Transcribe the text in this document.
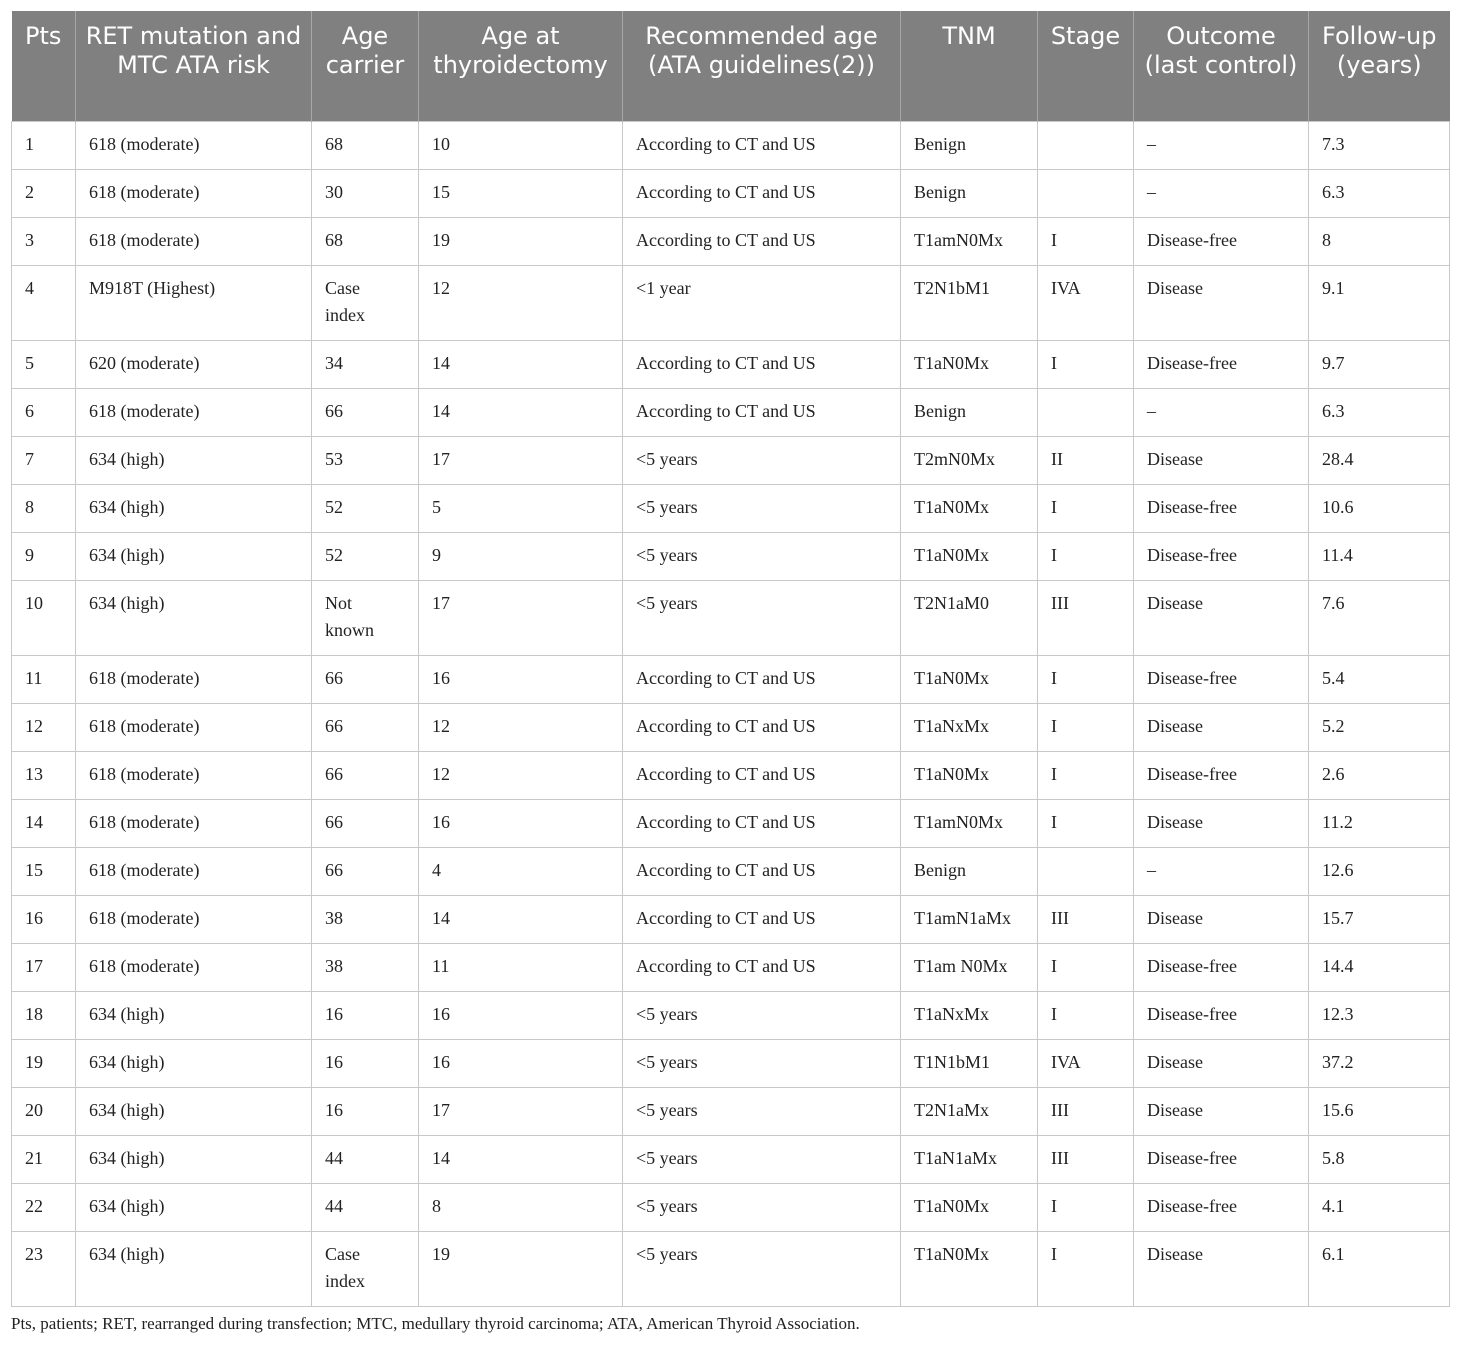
Pts	RET mutation and MTC ATA risk	Age carrier	Age at thyroidectomy	Recommended age (ATA guidelines(2))	TNM	Stage	Outcome (last control)	Follow-up (years)
1	618 (moderate)	68	10	According to CT and US	Benign		–	7.3
2	618 (moderate)	30	15	According to CT and US	Benign		–	6.3
3	618 (moderate)	68	19	According to CT and US	T1amN0Mx	I	Disease-free	8
4	M918T (Highest)	Case index	12	<1 year	T2N1bM1	IVA	Disease	9.1
5	620 (moderate)	34	14	According to CT and US	T1aN0Mx	I	Disease-free	9.7
6	618 (moderate)	66	14	According to CT and US	Benign		–	6.3
7	634 (high)	53	17	<5 years	T2mN0Mx	II	Disease	28.4
8	634 (high)	52	5	<5 years	T1aN0Mx	I	Disease-free	10.6
9	634 (high)	52	9	<5 years	T1aN0Mx	I	Disease-free	11.4
10	634 (high)	Not known	17	<5 years	T2N1aM0	III	Disease	7.6
11	618 (moderate)	66	16	According to CT and US	T1aN0Mx	I	Disease-free	5.4
12	618 (moderate)	66	12	According to CT and US	T1aNxMx	I	Disease	5.2
13	618 (moderate)	66	12	According to CT and US	T1aN0Mx	I	Disease-free	2.6
14	618 (moderate)	66	16	According to CT and US	T1amN0Mx	I	Disease	11.2
15	618 (moderate)	66	4	According to CT and US	Benign		–	12.6
16	618 (moderate)	38	14	According to CT and US	T1amN1aMx	III	Disease	15.7
17	618 (moderate)	38	11	According to CT and US	T1am N0Mx	I	Disease-free	14.4
18	634 (high)	16	16	<5 years	T1aNxMx	I	Disease-free	12.3
19	634 (high)	16	16	<5 years	T1N1bM1	IVA	Disease	37.2
20	634 (high)	16	17	<5 years	T2N1aMx	III	Disease	15.6
21	634 (high)	44	14	<5 years	T1aN1aMx	III	Disease-free	5.8
22	634 (high)	44	8	<5 years	T1aN0Mx	I	Disease-free	4.1
23	634 (high)	Case index	19	<5 years	T1aN0Mx	I	Disease	6.1
Pts, patients; RET, rearranged during transfection; MTC, medullary thyroid carcinoma; ATA, American Thyroid Association.
